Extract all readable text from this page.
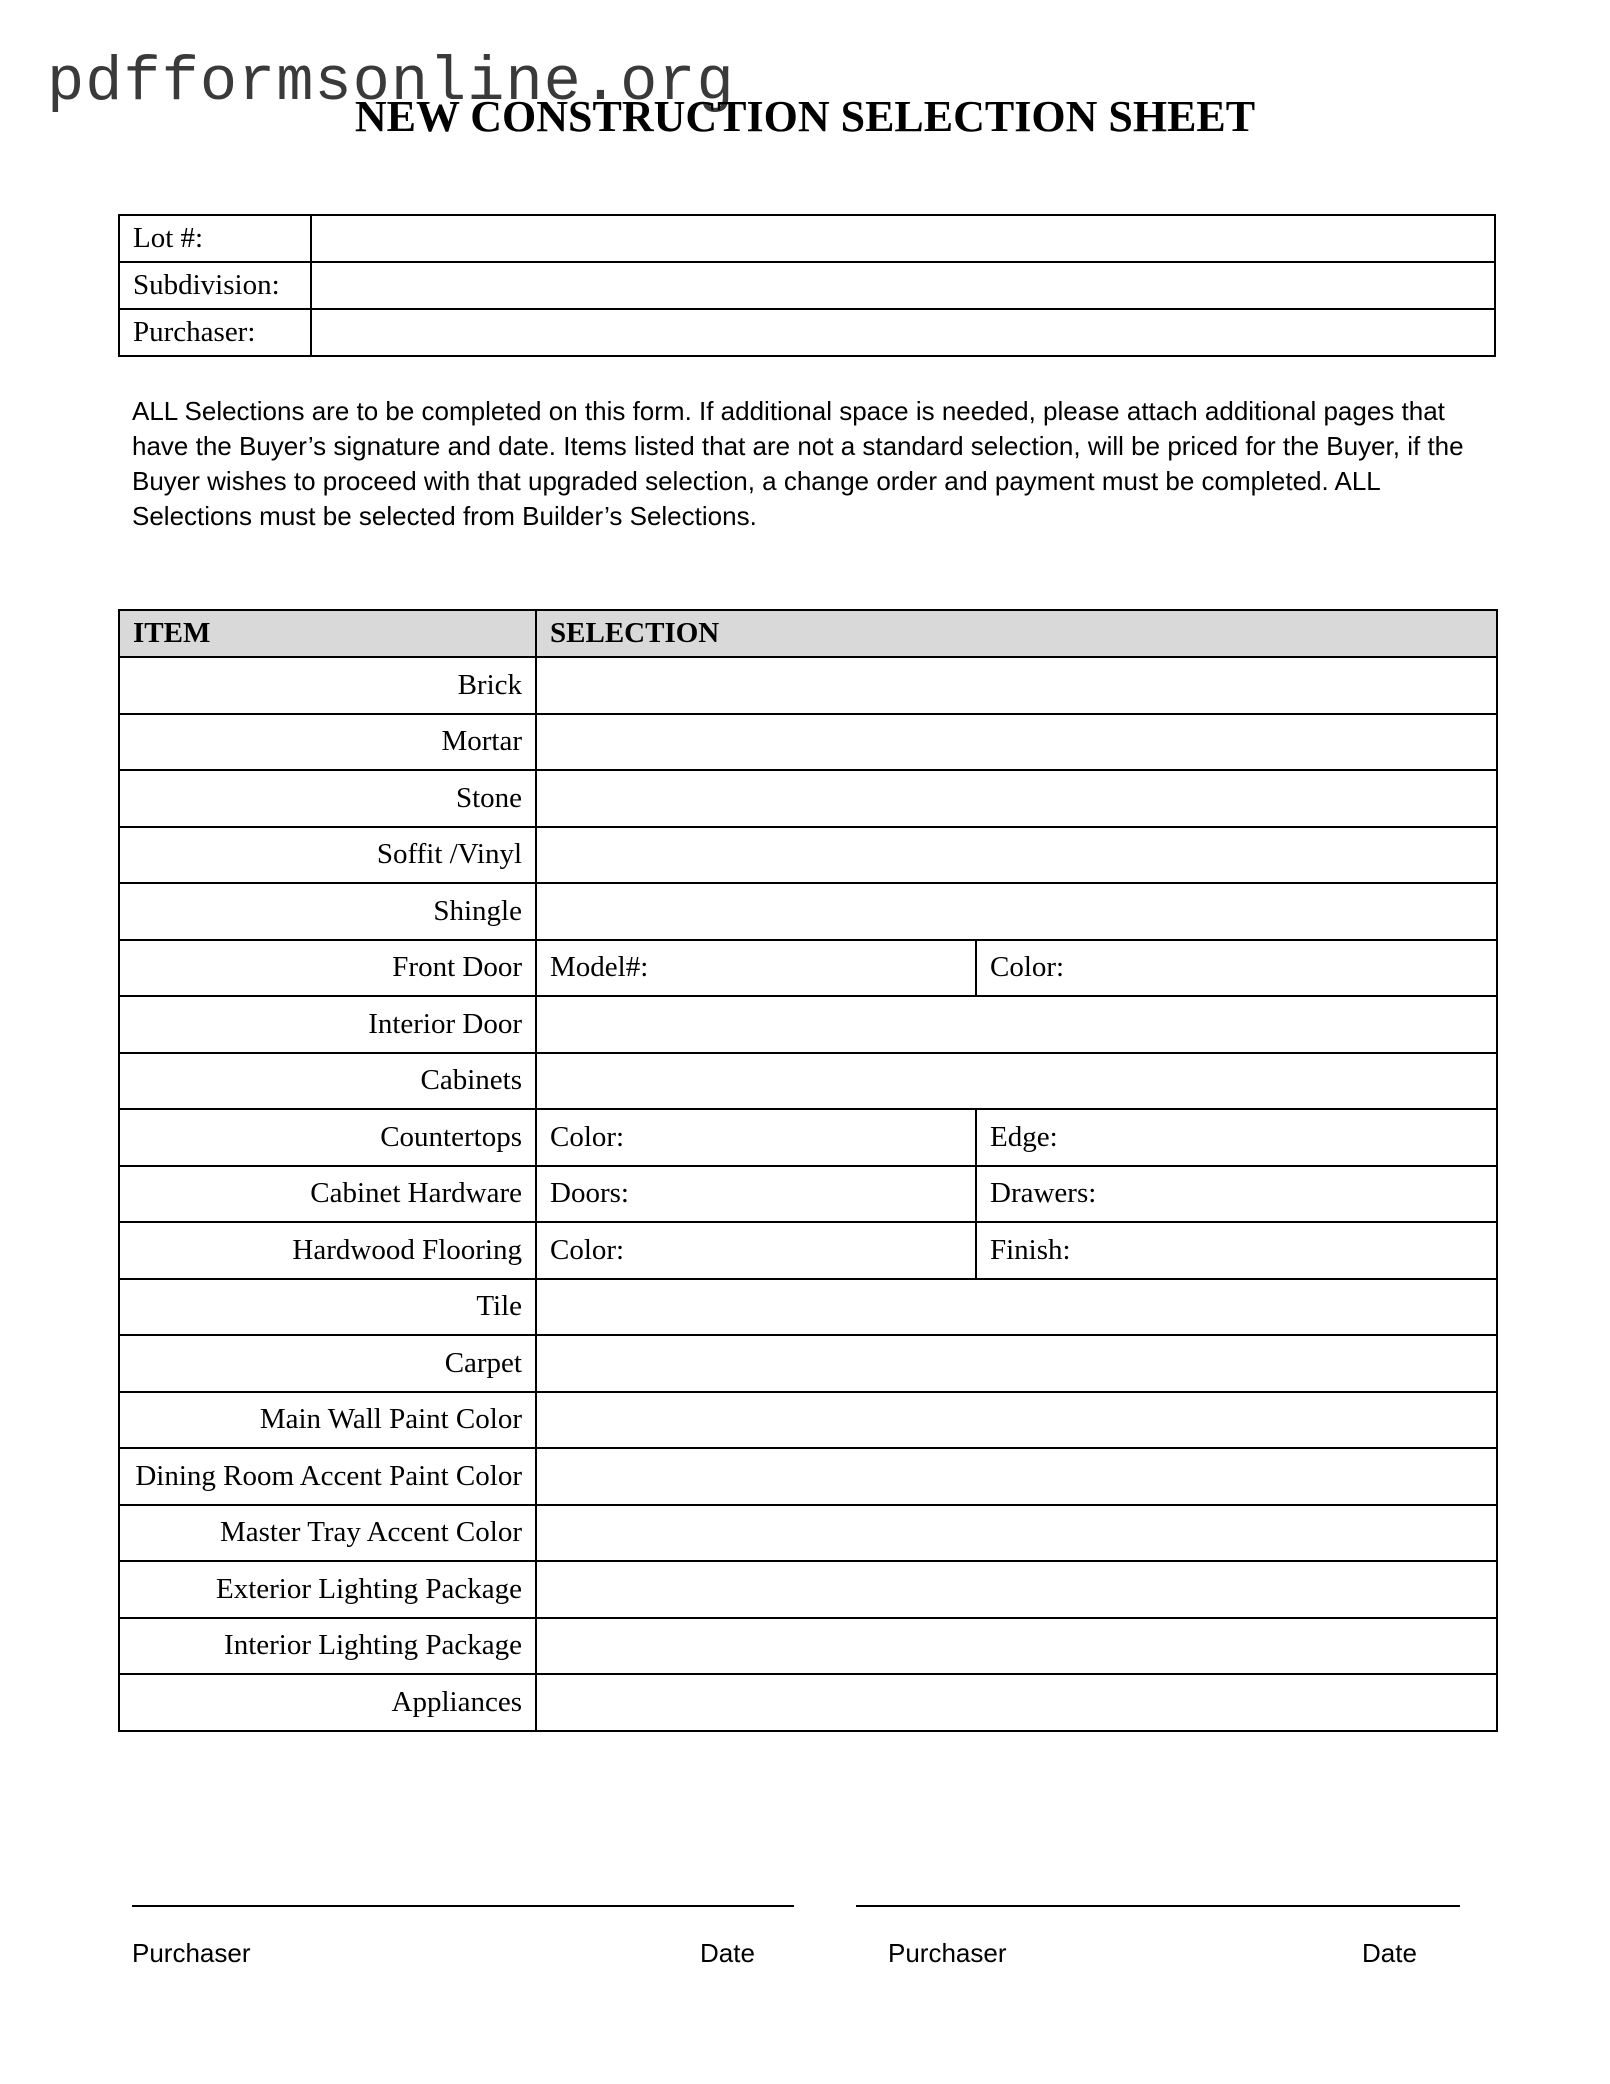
pdfformsonline.org
NEW CONSTRUCTION SELECTION SHEET
Lot #:	
Subdivision:	
Purchaser:	
ALL Selections are to be completed on this form. If additional space is needed, please attach additional pages that have the Buyer’s signature and date. Items listed that are not a standard selection, will be priced for the Buyer, if the Buyer wishes to proceed with that upgraded selection, a change order and payment must be completed. ALL Selections must be selected from Builder’s Selections.
ITEM	SELECTION	
Brick		
Mortar		
Stone		
Soffit /Vinyl		
Shingle		
Front Door	Model#:	Color:
Interior Door		
Cabinets		
Countertops	Color:	Edge:
Cabinet Hardware	Doors:	Drawers:
Hardwood Flooring	Color:	Finish:
Tile		
Carpet		
Main Wall Paint Color		
Dining Room Accent Paint Color		
Master Tray Accent Color		
Exterior Lighting Package		
Interior Lighting Package		
Appliances		
Purchaser	Date	Purchaser	Date
